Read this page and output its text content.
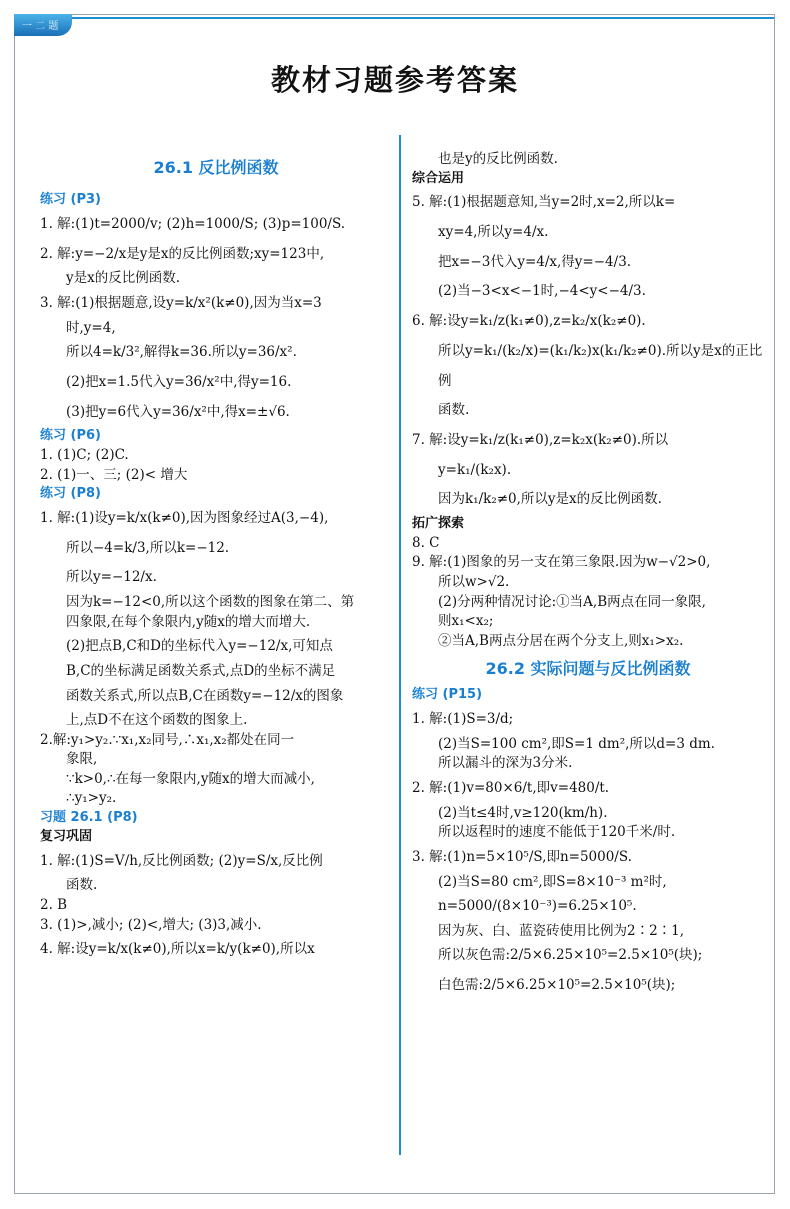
一 二 题
教材习题参考答案
26.1 反比例函数
练习 (P3)
1. 解:(1)t=2000/v; (2)h=1000/S; (3)p=100/S.
2. 解:y=−2/x是y是x的反比例函数;xy=123中,
y是x的反比例函数.
3. 解:(1)根据题意,设y=k/x²(k≠0),因为当x=3
时,y=4,
所以4=k/3²,解得k=36.所以y=36/x².
(2)把x=1.5代入y=36/x²中,得y=16.
(3)把y=6代入y=36/x²中,得x=±√6.
练习 (P6)
1. (1)C; (2)C.
2. (1)一、三; (2)< 增大
练习 (P8)
1. 解:(1)设y=k/x(k≠0),因为图象经过A(3,−4),
所以−4=k/3,所以k=−12.
所以y=−12/x.
因为k=−12<0,所以这个函数的图象在第二、第
四象限,在每个象限内,y随x的增大而增大.
(2)把点B,C和D的坐标代入y=−12/x,可知点
B,C的坐标满足函数关系式,点D的坐标不满足
函数关系式,所以点B,C在函数y=−12/x的图象
上,点D不在这个函数的图象上.
2.解:y₁>y₂.∵x₁,x₂同号,∴x₁,x₂都处在同一
象限,
∵k>0,∴在每一象限内,y随x的增大而减小,
∴y₁>y₂.
习题 26.1 (P8)
复习巩固
1. 解:(1)S=V/h,反比例函数; (2)y=S/x,反比例
函数.
2. B
3. (1)>,减小; (2)<,增大; (3)3,减小.
4. 解:设y=k/x(k≠0),所以x=k/y(k≠0),所以x
也是y的反比例函数.
综合运用
5. 解:(1)根据题意知,当y=2时,x=2,所以k=
xy=4,所以y=4/x.
把x=−3代入y=4/x,得y=−4/3.
(2)当−3<x<−1时,−4<y<−4/3.
6. 解:设y=k₁/z(k₁≠0),z=k₂/x(k₂≠0).
所以y=k₁/(k₂/x)=(k₁/k₂)x(k₁/k₂≠0).所以y是x的正比例
函数.
7. 解:设y=k₁/z(k₁≠0),z=k₂x(k₂≠0).所以
y=k₁/(k₂x).
因为k₁/k₂≠0,所以y是x的反比例函数.
拓广探索
8. C
9. 解:(1)图象的另一支在第三象限.因为w−√2>0,
所以w>√2.
(2)分两种情况讨论:①当A,B两点在同一象限,
则x₁<x₂;
②当A,B两点分居在两个分支上,则x₁>x₂.
26.2 实际问题与反比例函数
练习 (P15)
1. 解:(1)S=3/d;
(2)当S=100 cm²,即S=1 dm²,所以d=3 dm.
所以漏斗的深为3分米.
2. 解:(1)v=80×6/t,即v=480/t.
(2)当t≤4时,v≥120(km/h).
所以返程时的速度不能低于120千米/时.
3. 解:(1)n=5×10⁵/S,即n=5000/S.
(2)当S=80 cm²,即S=8×10⁻³ m²时,
n=5000/(8×10⁻³)=6.25×10⁵.
因为灰、白、蓝瓷砖使用比例为2∶2∶1,
所以灰色需:2/5×6.25×10⁵=2.5×10⁵(块);
白色需:2/5×6.25×10⁵=2.5×10⁵(块);
